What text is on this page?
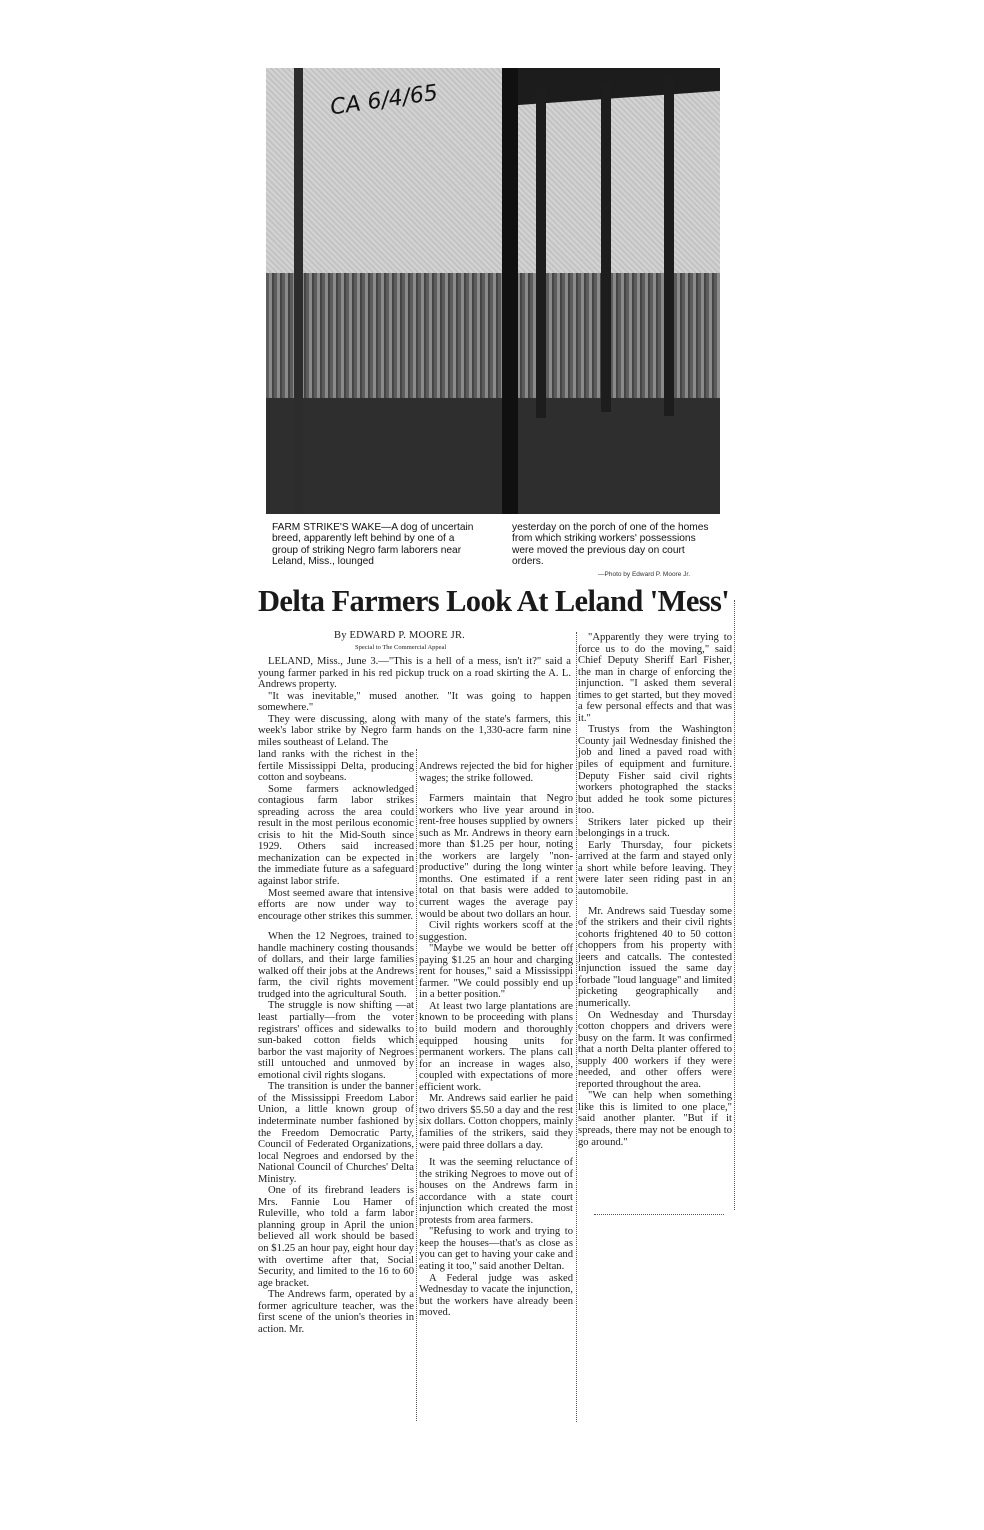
CA 6/4/65
FARM STRIKE'S WAKE—A dog of uncertain breed, apparently left behind by one of a group of striking Negro farm laborers near Leland, Miss., lounged
yesterday on the porch of one of the homes from which striking workers' possessions were moved the previous day on court orders.
—Photo by Edward P. Moore Jr.
Delta Farmers Look At Leland 'Mess'
By EDWARD P. MOORE JR.
Special to The Commercial Appeal

LELAND, Miss., June 3.—"This is a hell of a mess, isn't it?" said a young farmer parked in his red pickup truck on a road skirting the A. L. Andrews property.

"It was inevitable," mused another. "It was going to happen somewhere."

They were discussing, along with many of the state's farmers, this week's labor strike by Negro farm hands on the 1,330-acre farm nine miles southeast of Leland. The

land ranks with the richest in the fertile Mississippi Delta, producing cotton and soybeans.

Some farmers acknowledged contagious farm labor strikes spreading across the area could result in the most perilous economic crisis to hit the Mid-South since 1929. Others said increased mechanization can be expected in the immediate future as a safeguard against labor strife.

Most seemed aware that intensive efforts are now under way to encourage other strikes this summer.

When the 12 Negroes, trained to handle machinery costing thousands of dollars, and their large families walked off their jobs at the Andrews farm, the civil rights movement trudged into the agricultural South.

The struggle is now shifting —at least partially—from the voter registrars' offices and sidewalks to sun-baked cotton fields which barbor the vast majority of Negroes still untouched and unmoved by emotional civil rights slogans.

The transition is under the banner of the Mississippi Freedom Labor Union, a little known group of indeterminate number fashioned by the Freedom Democratic Party, Council of Federated Organizations, local Negroes and endorsed by the National Council of Churches' Delta Ministry.

One of its firebrand leaders is Mrs. Fannie Lou Hamer of Ruleville, who told a farm labor planning group in April the union believed all work should be based on $1.25 an hour pay, eight hour day with overtime after that, Social Security, and limited to the 16 to 60 age bracket.

The Andrews farm, operated by a former agriculture teacher, was the first scene of the union's theories in action. Mr.

Andrews rejected the bid for higher wages; the strike followed.

Farmers maintain that Negro workers who live year around in rent-free houses supplied by owners such as Mr. Andrews in theory earn more than $1.25 per hour, noting the workers are largely "non-productive" during the long winter months. One estimated if a rent total on that basis were added to current wages the average pay would be about two dollars an hour.

Civil rights workers scoff at the suggestion.

"Maybe we would be better off paying $1.25 an hour and charging rent for houses," said a Mississippi farmer. "We could possibly end up in a better position."

At least two large plantations are known to be proceeding with plans to build modern and thoroughly equipped housing units for permanent workers. The plans call for an increase in wages also, coupled with expectations of more efficient work.

Mr. Andrews said earlier he paid two drivers $5.50 a day and the rest six dollars. Cotton choppers, mainly families of the strikers, said they were paid three dollars a day.

It was the seeming reluctance of the striking Negroes to move out of houses on the Andrews farm in accordance with a state court injunction which created the most protests from area farmers.

"Refusing to work and trying to keep the houses—that's as close as you can get to having your cake and eating it too," said another Deltan.

A Federal judge was asked Wednesday to vacate the injunction, but the workers have already been moved.

"Apparently they were trying to force us to do the moving," said Chief Deputy Sheriff Earl Fisher, the man in charge of enforcing the injunction. "I asked them several times to get started, but they moved a few personal effects and that was it."

Trustys from the Washington County jail Wednesday finished the job and lined a paved road with piles of equipment and furniture. Deputy Fisher said civil rights workers photographed the stacks but added he took some pictures too.

Strikers later picked up their belongings in a truck.

Early Thursday, four pickets arrived at the farm and stayed only a short while before leaving. They were later seen riding past in an automobile.

Mr. Andrews said Tuesday some of the strikers and their civil rights cohorts frightened 40 to 50 cotton choppers from his property with jeers and catcalls. The contested injunction issued the same day forbade "loud language" and limited picketing geographically and numerically.

On Wednesday and Thursday cotton choppers and drivers were busy on the farm. It was confirmed that a north Delta planter offered to supply 400 workers if they were needed, and other offers were reported throughout the area.

"We can help when something like this is limited to one place," said another planter. "But if it spreads, there may not be enough to go around."
